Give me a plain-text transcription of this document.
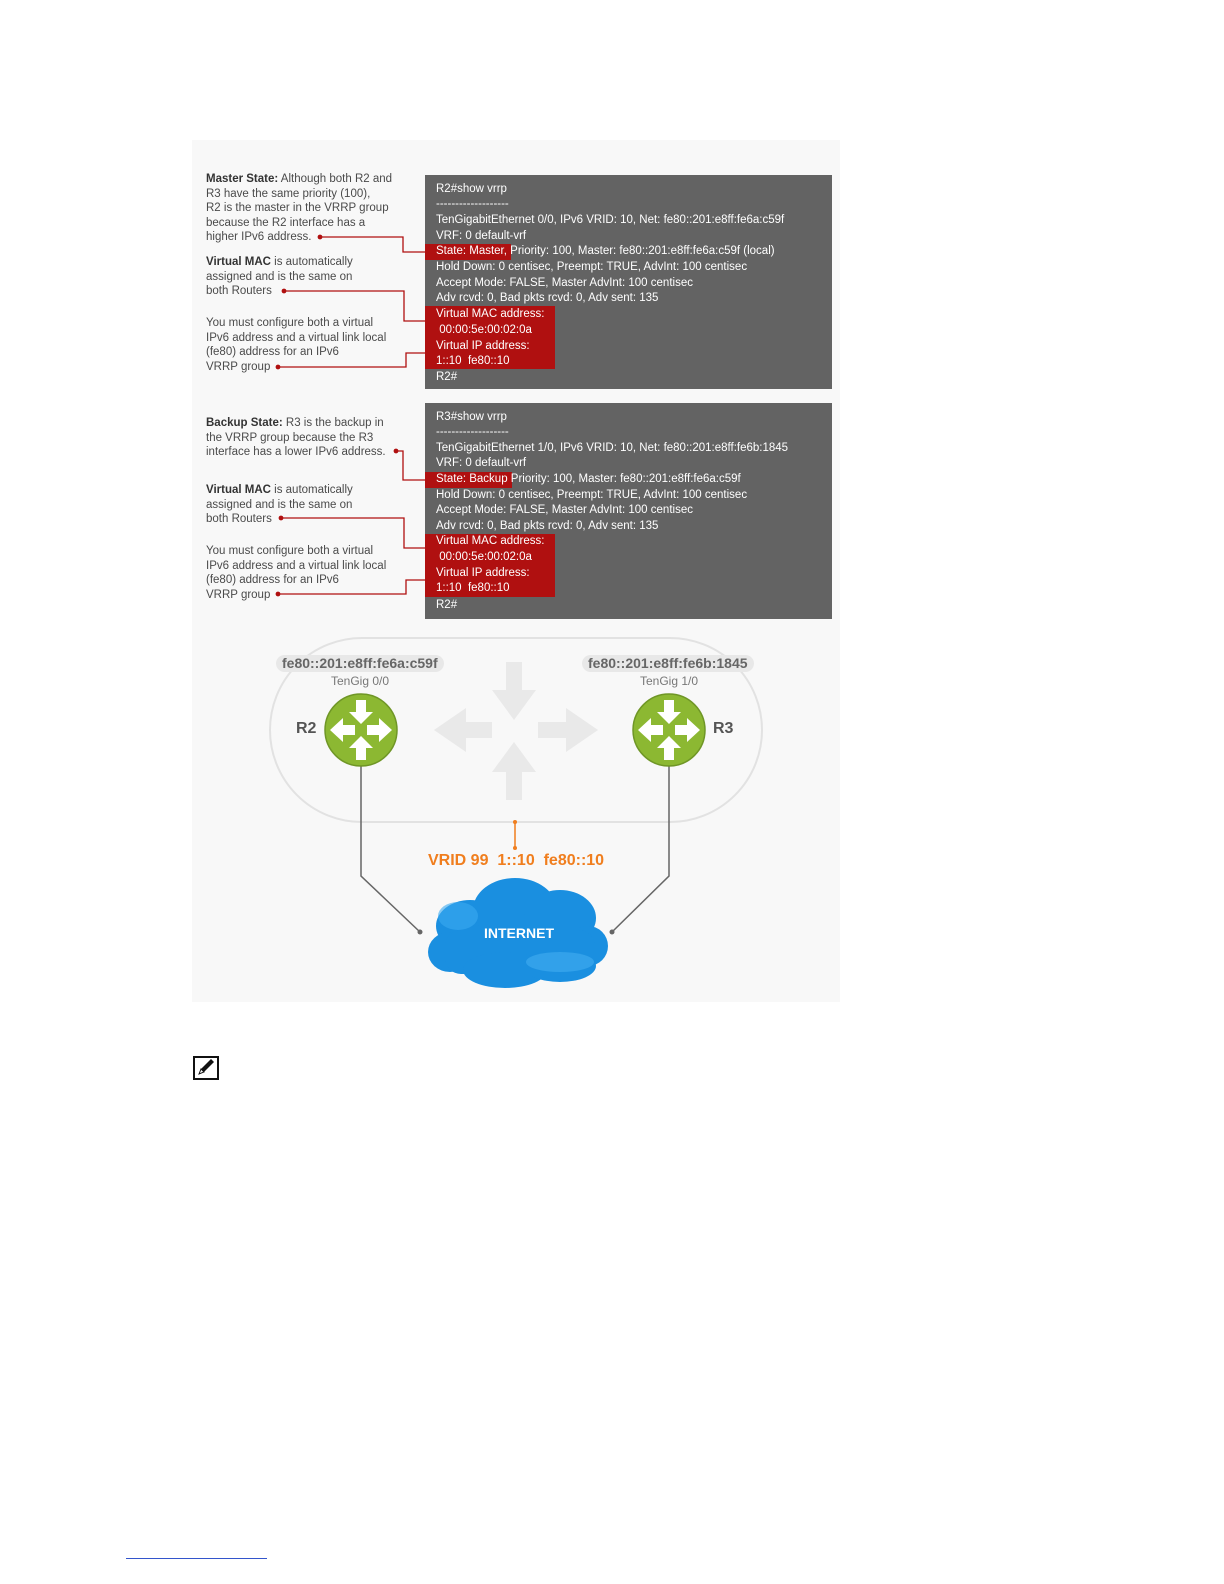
Master State: Although both R2 and
R3 have the same priority (100),
R2 is the master in the VRRP group
because the R2 interface has a
higher IPv6 address.
Virtual MAC is automatically
assigned and is the same on
both Routers
You must configure both a virtual
IPv6 address and a virtual link local
(fe80) address for an IPv6
VRRP group
Backup State: R3 is the backup in
the VRRP group because the R3
interface has a lower IPv6 address.
Virtual MAC is automatically
assigned and is the same on
both Routers
You must configure both a virtual
IPv6 address and a virtual link local
(fe80) address for an IPv6
VRRP group
R2#show vrrp
-------------------
TenGigabitEthernet 0/0, IPv6 VRID: 10, Net: fe80::201:e8ff:fe6a:c59f
VRF: 0 default-vrf
State: Master, Priority: 100, Master: fe80::201:e8ff:fe6a:c59f (local)
Hold Down: 0 centisec, Preempt: TRUE, AdvInt: 100 centisec
Accept Mode: FALSE, Master AdvInt: 100 centisec
Adv rcvd: 0, Bad pkts rcvd: 0, Adv sent: 135
Virtual MAC address:
00:00:5e:00:02:0a
Virtual IP address:
1::10  fe80::10
R2#
R3#show vrrp
-------------------
TenGigabitEthernet 1/0, IPv6 VRID: 10, Net: fe80::201:e8ff:fe6b:1845
VRF: 0 default-vrf
State: Backup Priority: 100, Master: fe80::201:e8ff:fe6a:c59f
Hold Down: 0 centisec, Preempt: TRUE, AdvInt: 100 centisec
Accept Mode: FALSE, Master AdvInt: 100 centisec
Adv rcvd: 0, Bad pkts rcvd: 0, Adv sent: 135
Virtual MAC address:
00:00:5e:00:02:0a
Virtual IP address:
1::10  fe80::10
R2#
fe80::201:e8ff:fe6a:c59f
TenGig 0/0
R2
fe80::201:e8ff:fe6b:1845
TenGig 1/0
R3
VRID 99  1::10  fe80::10
INTERNET
